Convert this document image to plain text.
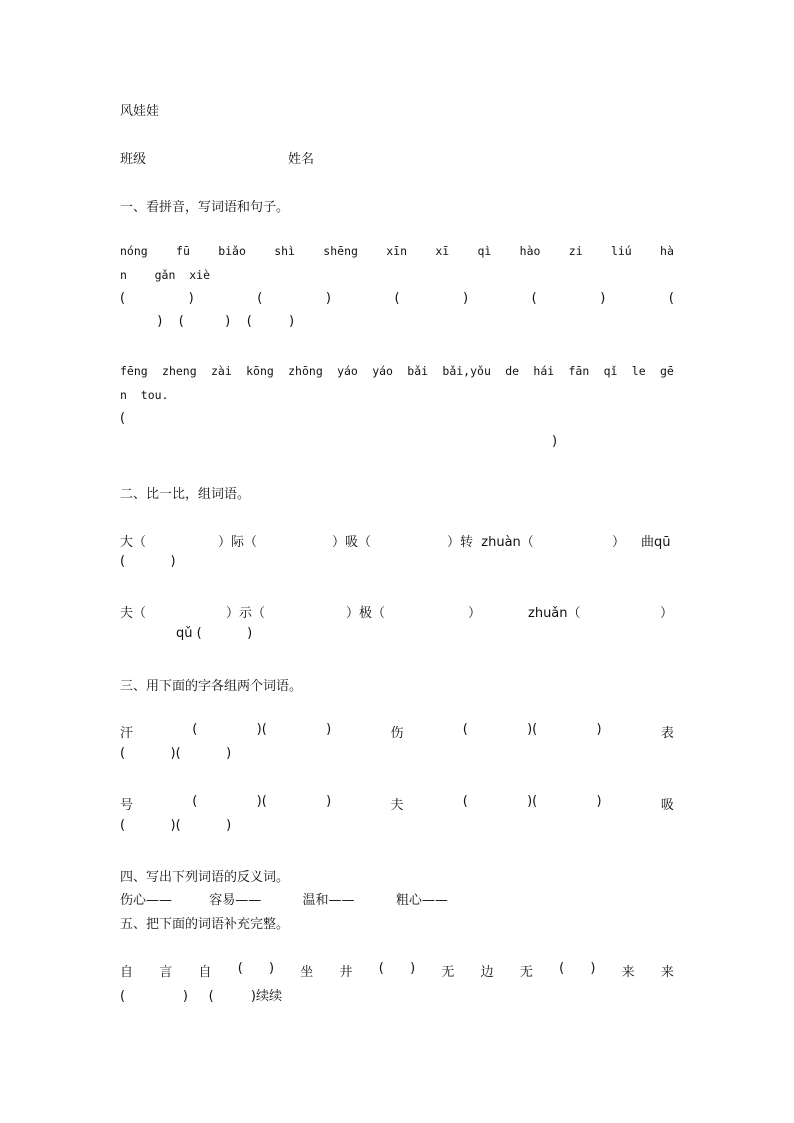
风娃娃
班级	姓名
一、看拼音，写词语和句子。
nóng fū biǎo shì shēng xīn xī qì hào zi liú hà
n    gǎn  xiè
(	)	(	)	(	)	(	)	(
)    (          )    (         )
fēng zheng zài kōng zhōng yáo yáo bǎi bǎi,yǒu de hái fān qǐ le gē
n  tou.
(
)
二、比一比，组词语。
大（	）际（	）吸（	）转  zhuàn（	） 曲qū
(           )
夫（	）示（	）极（	）	zhuǎn（	）
qǔ (           )
三、用下面的字各组两个词语。
汗	(	)(	)	伤	(	)(	)	表
(           )(           )
号	(	)(	)	夫	(	)(	)	吸
(           )(           )
四、写出下列词语的反义词。
伤心——         容易——          温和——          粗心——
五、把下面的词语补充完整。
自 言 自 ( ) 坐 井 ( ) 无 边 无 ( ) 来 来
(              )     (         )续续
